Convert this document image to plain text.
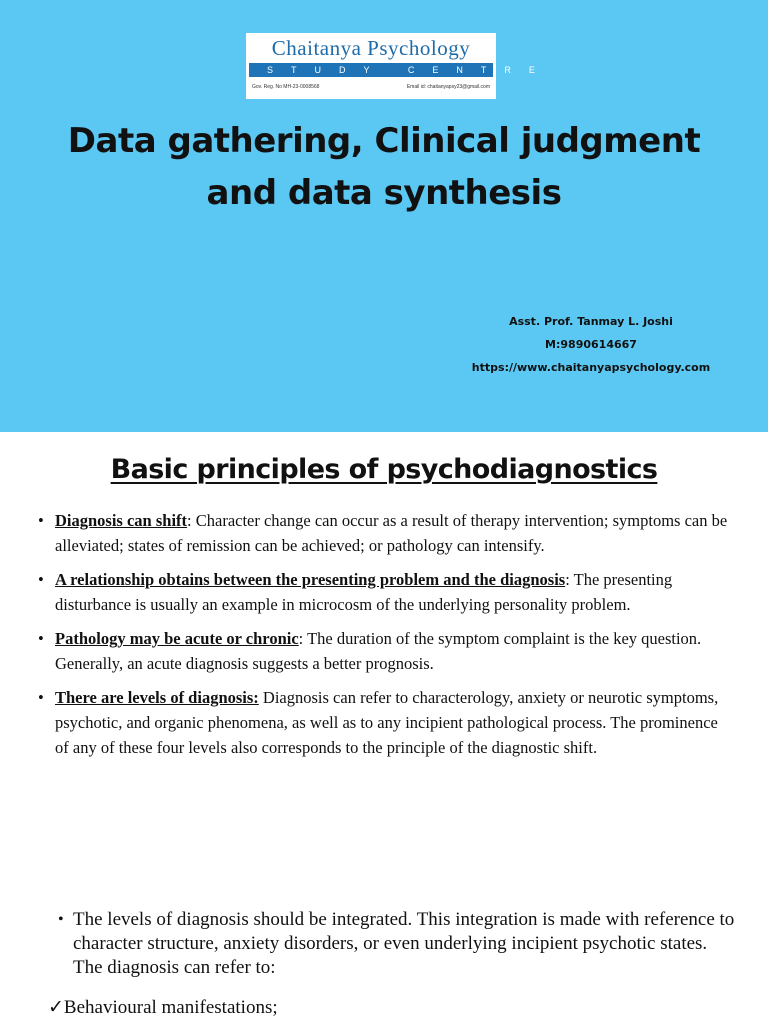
Chaitanya Psychology
STUDY CENTRE
Gov. Reg. No MH-23-0008568	Email id: chaitanyapsy23@gmail.com
Data gathering, Clinical judgment and data synthesis
Asst. Prof. Tanmay L. Joshi
M:9890614667
https://www.chaitanyapsychology.com
Basic principles of psychodiagnostics
• Diagnosis can shift: Character change can occur as a result of therapy intervention; symptoms can be alleviated; states of remission can be achieved; or pathology can intensify.
• A relationship obtains between the presenting problem and the diagnosis: The presenting disturbance is usually an example in microcosm of the underlying personality problem.
• Pathology may be acute or chronic: The duration of the symptom complaint is the key question. Generally, an acute diagnosis suggests a better prognosis.
• There are levels of diagnosis: Diagnosis can refer to characterology, anxiety or neurotic symptoms, psychotic, and organic phenomena, as well as to any incipient pathological process. The prominence of any of these four levels also corresponds to the principle of the diagnostic shift.
• The levels of diagnosis should be integrated. This integration is made with reference to character structure, anxiety disorders, or even underlying incipient psychotic states. The diagnosis can refer to:
✓Behavioural manifestations;
